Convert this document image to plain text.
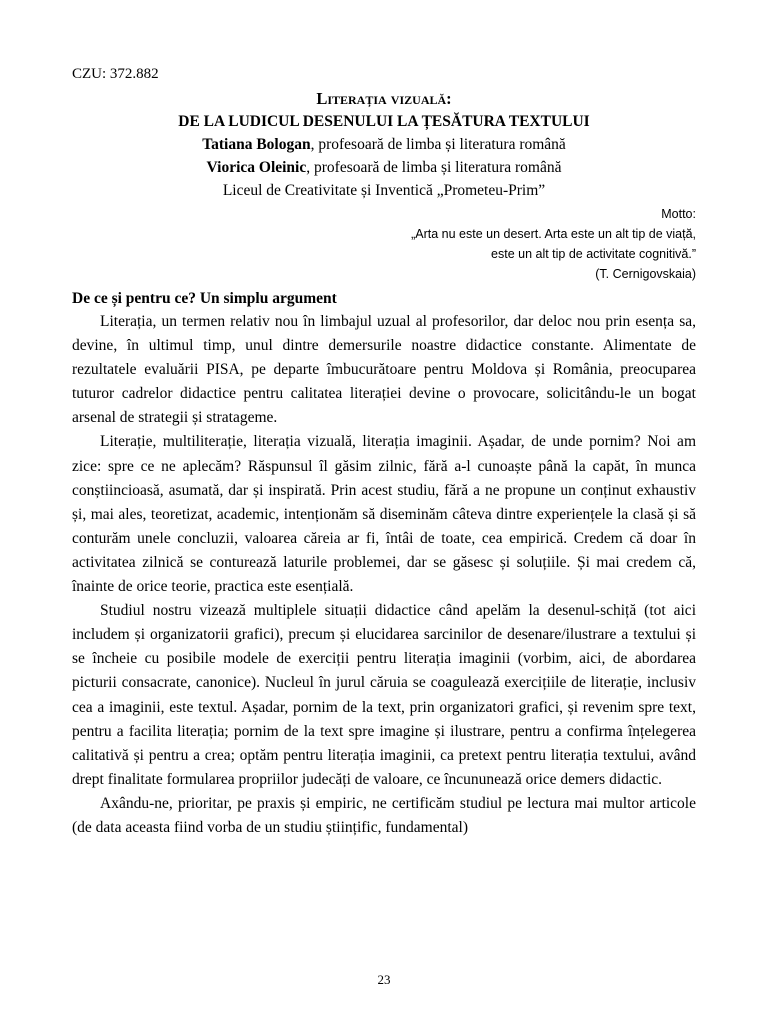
CZU: 372.882
Literația vizuală:
DE LA LUDICUL DESENULUI LA ȚESĂTURA TEXTULUI
Tatiana Bologan, profesoară de limba și literatura română
Viorica Oleinic, profesoară de limba și literatura română
Liceul de Creativitate și Inventică „Prometeu-Prim”
Motto:
„Arta nu este un desert. Arta este un alt tip de viață,
este un alt tip de activitate cognitivă.”
(T. Cernigovskaia)
De ce și pentru ce? Un simplu argument

Literația, un termen relativ nou în limbajul uzual al profesorilor, dar deloc nou prin esența sa, devine, în ultimul timp, unul dintre demersurile noastre didactice constante. Alimentate de rezultatele evaluării PISA, pe departe îmbucurătoare pentru Moldova și România, preocuparea tuturor cadrelor didactice pentru calitatea literației devine o provocare, solicitându-le un bogat arsenal de strategii și stratageme.

Literație, multiliterație, literația vizuală, literația imaginii. Așadar, de unde pornim? Noi am zice: spre ce ne aplecăm? Răspunsul îl găsim zilnic, fără a-l cunoaște până la capăt, în munca conștiincioasă, asumată, dar și inspirată. Prin acest studiu, fără a ne propune un conținut exhaustiv și, mai ales, teoretizat, academic, intenționăm să diseminăm câteva dintre experiențele la clasă și să conturăm unele concluzii, valoarea căreia ar fi, întâi de toate, cea empirică. Credem că doar în activitatea zilnică se conturează laturile problemei, dar se găsesc și soluțiile. Și mai credem că, înainte de orice teorie, practica este esențială.

Studiul nostru vizează multiplele situații didactice când apelăm la desenul-schiță (tot aici includem și organizatorii grafici), precum și elucidarea sarcinilor de desenare/ilustrare a textului și se încheie cu posibile modele de exerciții pentru literația imaginii (vorbim, aici, de abordarea picturii consacrate, canonice). Nucleul în jurul căruia se coagulează exercițiile de literație, inclusiv cea a imaginii, este textul. Așadar, pornim de la text, prin organizatori grafici, și revenim spre text, pentru a facilita literația; pornim de la text spre imagine și ilustrare, pentru a confirma înțelegerea calitativă și pentru a crea; optăm pentru literația imaginii, ca pretext pentru literația textului, având drept finalitate formularea propriilor judecăți de valoare, ce încununează orice demers didactic.

Axându-ne, prioritar, pe praxis și empiric, ne certificăm studiul pe lectura mai multor articole (de data aceasta fiind vorba de un studiu științific, fundamental)

23
